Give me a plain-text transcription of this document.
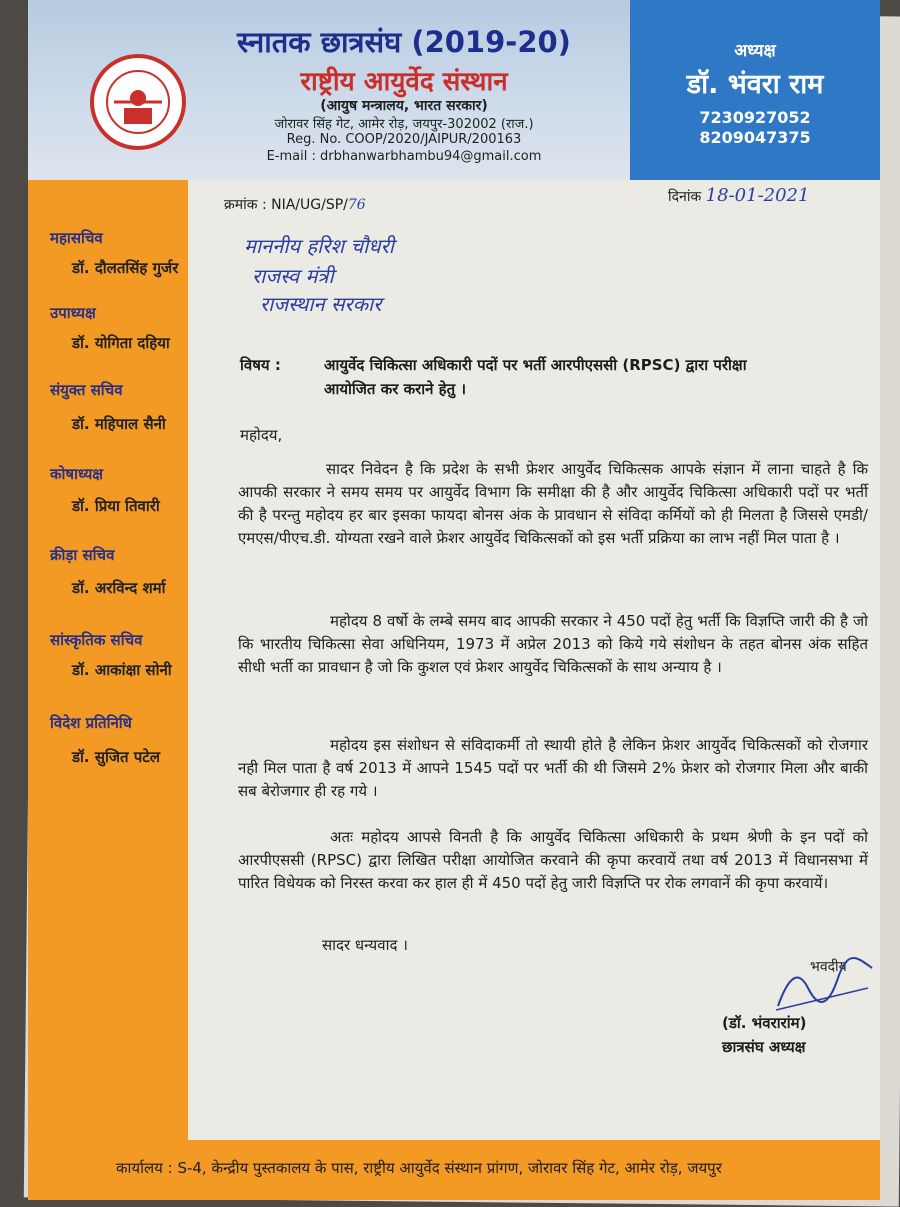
स्नातक छात्रसंघ (2019-20)
राष्ट्रीय आयुर्वेद संस्थान
(आयुष मन्त्रालय, भारत सरकार)
जोरावर सिंह गेट, आमेर रोड़, जयपुर-302002 (राज.)
Reg. No. COOP/2020/JAIPUR/200163
E-mail : drbhanwarbhambu94@gmail.com
अध्यक्ष
डॉ. भंवरा राम
7230927052
8209047375
महासचिव
डॉ. दौलतसिंह गुर्जर
उपाध्यक्ष
डॉ. योगिता दहिया
संयुक्त सचिव
डॉ. महिपाल सैनी
कोषाध्यक्ष
डॉ. प्रिया तिवारी
क्रीड़ा सचिव
डॉ. अरविन्द शर्मा
सांस्कृतिक सचिव
डॉ. आकांक्षा सोनी
विदेश प्रतिनिधि
डॉ. सुजित पटेल
क्रमांक : NIA/UG/SP/76	दिनांक 18-01-2021
माननीय हरिश चौधरी
राजस्व मंत्री
राजस्थान सरकार
विषय :	आयुर्वेद चिकित्सा अधिकारी पदों पर भर्ती आरपीएससी (RPSC) द्वारा परीक्षा
आयोजित कर कराने हेतु ।
महोदय,
सादर निवेदन है कि प्रदेश के सभी फ्रेशर आयुर्वेद चिकित्सक आपके संज्ञान में लाना चाहते है कि आपकी सरकार ने समय समय पर आयुर्वेद विभाग कि समीक्षा की है और आयुर्वेद चिकित्सा अधिकारी पदों पर भर्ती की है परन्तु महोदय हर बार इसका फायदा बोनस अंक के प्रावधान से संविदा कर्मियों को ही मिलता है जिससे एमडी/एमएस/पीएच.डी. योग्यता रखने वाले फ्रेशर आयुर्वेद चिकित्सकों को इस भर्ती प्रक्रिया का लाभ नहीं मिल पाता है ।
महोदय 8 वर्षो के लम्बे समय बाद आपकी सरकार ने 450 पदों हेतु भर्ती कि विज्ञप्ति जारी की है जो कि भारतीय चिकित्सा सेवा अधिनियम, 1973 में अप्रेल 2013 को किये गये संशोधन के तहत बोनस अंक सहित सीधी भर्ती का प्रावधान है जो कि कुशल एवं फ्रेशर आयुर्वेद चिकित्सकों के साथ अन्याय है ।
महोदय इस संशोधन से संविदाकर्मी तो स्थायी होते है लेकिन फ्रेशर आयुर्वेद चिकित्सकों को रोजगार नही मिल पाता है वर्ष 2013 में आपने 1545 पदों पर भर्ती की थी जिसमे 2% फ्रेशर को रोजगार मिला और बाकी सब बेरोजगार ही रह गये ।
अतः महोदय आपसे विनती है कि आयुर्वेद चिकित्सा अधिकारी के प्रथम श्रेणी के इन पदों को आरपीएससी (RPSC) द्वारा लिखित परीक्षा आयोजित करवाने की कृपा करवायें तथा वर्ष 2013 में विधानसभा में पारित विधेयक को निरस्त करवा कर हाल ही में 450 पदों हेतु जारी विज्ञप्ति पर रोक लगवानें की कृपा करवायें।
सादर धन्यवाद ।
भवदीय
(डॉ. भंवरारांम)
छात्रसंघ अध्यक्ष
कार्यालय : S-4, केन्द्रीय पुस्तकालय के पास, राष्ट्रीय आयुर्वेद संस्थान प्रांगण, जोरावर सिंह गेट, आमेर रोड़, जयपुर
